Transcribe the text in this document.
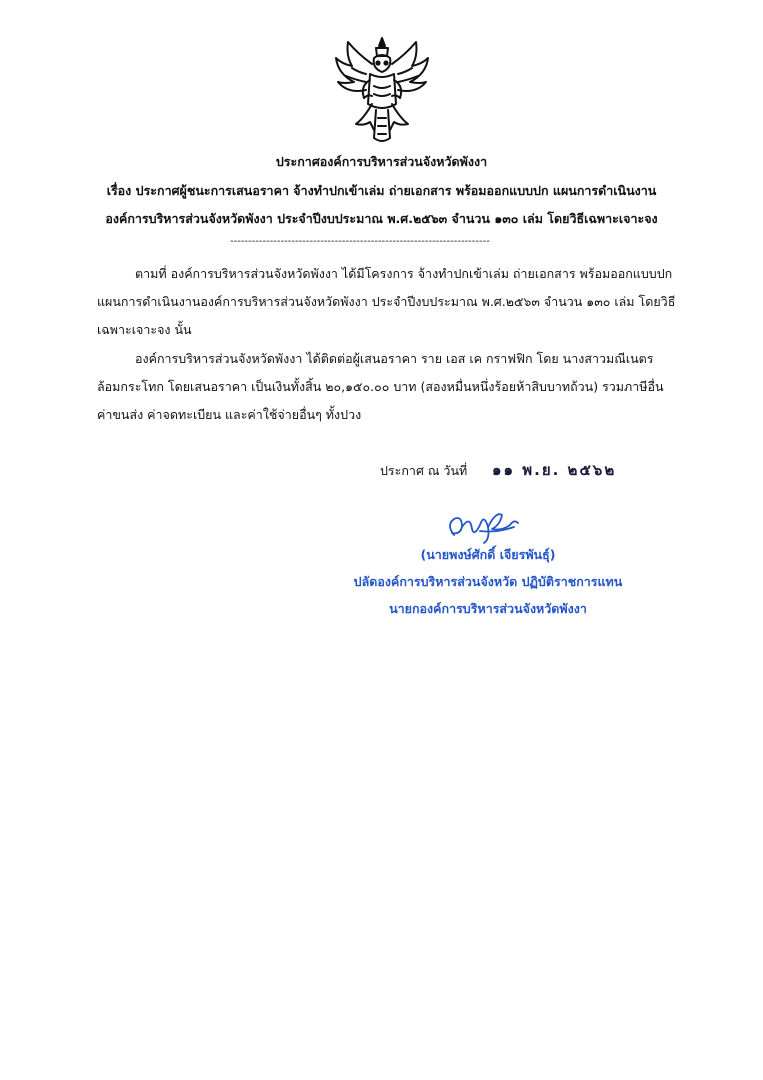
ประกาศองค์การบริหารส่วนจังหวัดพังงา
เรื่อง ประกาศผู้ชนะการเสนอราคา จ้างทำปกเข้าเล่ม ถ่ายเอกสาร พร้อมออกแบบปก แผนการดำเนินงาน
องค์การบริหารส่วนจังหวัดพังงา ประจำปีงบประมาณ พ.ศ.๒๕๖๓ จำนวน ๑๓๐ เล่ม โดยวิธีเฉพาะเจาะจง
------------------------------------------------------------------------
ตามที่ องค์การบริหารส่วนจังหวัดพังงา ได้มีโครงการ จ้างทำปกเข้าเล่ม ถ่ายเอกสาร พร้อมออกแบบปก
แผนการดำเนินงานองค์การบริหารส่วนจังหวัดพังงา ประจำปีงบประมาณ พ.ศ.๒๕๖๓ จำนวน ๑๓๐ เล่ม โดยวิธี
เฉพาะเจาะจง นั้น
องค์การบริหารส่วนจังหวัดพังงา ได้ติดต่อผู้เสนอราคา ราย เอส เค กราฟฟิก โดย นางสาวมณีเนตร
ล้อมกระโทก โดยเสนอราคา เป็นเงินทั้งสิ้น ๒๐,๑๕๐.๐๐ บาท (สองหมื่นหนึ่งร้อยห้าสิบบาทถ้วน) รวมภาษีอื่น
ค่าขนส่ง ค่าจดทะเบียน และค่าใช้จ่ายอื่นๆ ทั้งปวง
ประกาศ ณ วันที่ ๑๑ พ.ย. ๒๕๖๒
(นายพงษ์ศักดิ์ เจียรพันธุ์)
ปลัดองค์การบริหารส่วนจังหวัด ปฏิบัติราชการแทน
นายกองค์การบริหารส่วนจังหวัดพังงา
